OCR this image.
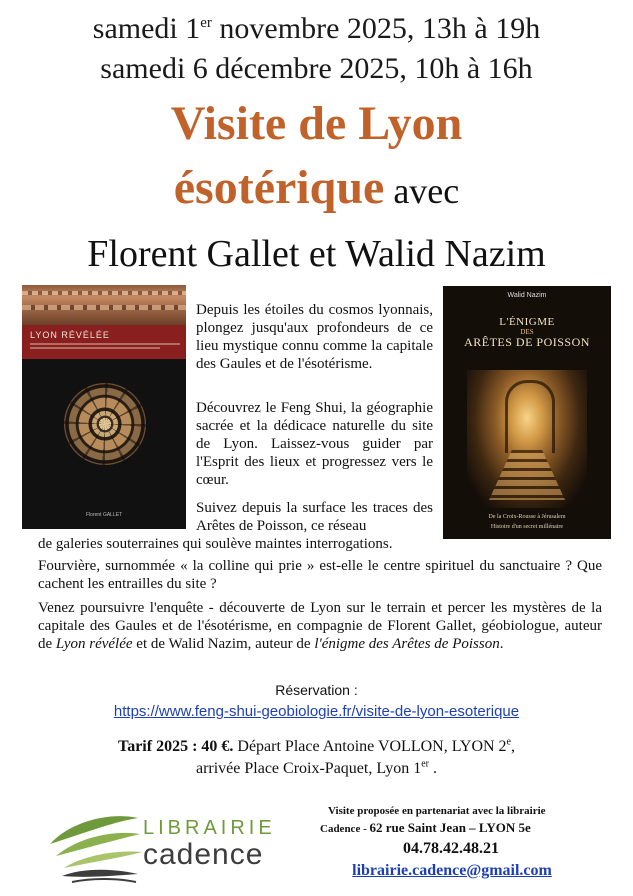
samedi 1er novembre 2025, 13h à 19h
samedi 6 décembre 2025, 10h à 16h
Visite de Lyon
ésotérique avec
Florent Gallet et Walid Nazim
LYON RÉVÉLÉE
Florent GALLET
Walid Nazim
L'ÉNIGME
DES
ARÊTES DE POISSON
De la Croix-Rousse à Jérusalem
Histoire d'un secret millénaire
Depuis les étoiles du cosmos lyonnais, plongez jusqu'aux profondeurs de ce lieu mystique connu comme la capitale des Gaules et de l'ésotérisme.
Découvrez le Feng Shui, la géographie sacrée et la dédicace naturelle du site de Lyon. Laissez-vous guider par l'Esprit des lieux et progressez vers le cœur.
Suivez depuis la surface les traces des Arêtes de Poisson, ce réseau
de galeries souterraines qui soulève maintes interrogations.
Fourvière, surnommée « la colline qui prie » est-elle le centre spirituel du sanctuaire ? Que cachent les entrailles du site ?
Venez poursuivre l'enquête - découverte de Lyon sur le terrain et percer les mystères de la capitale des Gaules et de l'ésotérisme, en compagnie de Florent Gallet, géobiologue, auteur de Lyon révélée et de Walid Nazim, auteur de l'énigme des Arêtes de Poisson.
Réservation :
https://www.feng-shui-geobiologie.fr/visite-de-lyon-esoterique
Tarif 2025 : 40 €. Départ Place Antoine VOLLON, LYON 2e,
arrivée Place Croix-Paquet, Lyon 1er .
LIBRAIRIE
cadence
Visite proposée en partenariat avec la librairie
Cadence - 62 rue Saint Jean – LYON 5e
04.78.42.48.21
librairie.cadence@gmail.com
